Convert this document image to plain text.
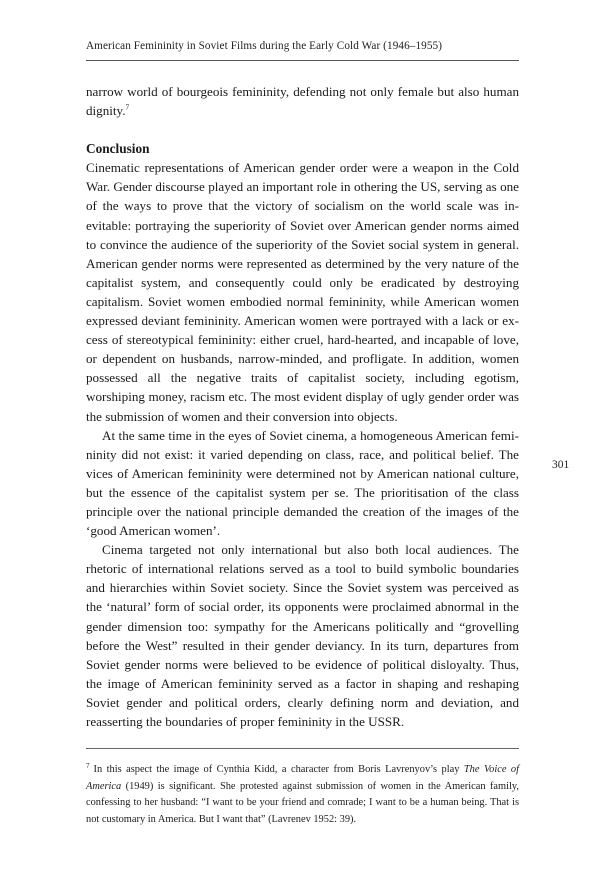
American Femininity in Soviet Films during the Early Cold War (1946–1955)

narrow world of bourgeois femininity, defending not only female but also human dignity.$^7$

Conclusion

Cinematic representations of American gender order were a weapon in the Cold War. Gender discourse played an important role in othering the US, serving as one of the ways to prove that the victory of socialism on the world scale was inevitable: portraying the superiority of Soviet over American gender norms aimed to convince the audience of the superiority of the Soviet social system in general. American gender norms were represented as determined by the very nature of the capitalist system, and consequently could only be eradicated by destroying capitalism. Soviet women embodied normal femininity, while American women expressed deviant femininity. American women were portrayed with a lack or excess of stereotypical femininity: either cruel, hard-hearted, and incapable of love, or dependent on husbands, narrow-minded, and profligate. In addition, women possessed all the negative traits of capitalist society, including egotism, worshiping money, racism etc. The most evident display of ugly gender order was the submission of women and their conversion into objects.

At the same time in the eyes of Soviet cinema, a homogeneous American femininity did not exist: it varied depending on class, race, and political belief. The vices of American femininity were determined not by American national culture, but the essence of the capitalist system per se. The prioritisation of the class principle over the national principle demanded the creation of the images of the ‘good American women’.

Cinema targeted not only international but also both local audiences. The rhetoric of international relations served as a tool to build symbolic boundaries and hierarchies within Soviet society. Since the Soviet system was perceived as the ‘natural’ form of social order, its opponents were proclaimed abnormal in the gender dimension too: sympathy for the Americans politically and “grovelling before the West” resulted in their gender deviancy. In its turn, departures from Soviet gender norms were believed to be evidence of political disloyalty. Thus, the image of American femininity served as a factor in shaping and reshaping Soviet gender and political orders, clearly defining norm and deviation, and reasserting the boundaries of proper femininity in the USSR.

301
$^7$ In this aspect the image of Cynthia Kidd, a character from Boris Lavrenyov’s play The Voice of America (1949) is significant. She protested against submission of women in the American family, confessing to her husband: “I want to be your friend and comrade; I want to be a human being. That is not customary in America. But I want that” (Lavrenev 1952: 39).
